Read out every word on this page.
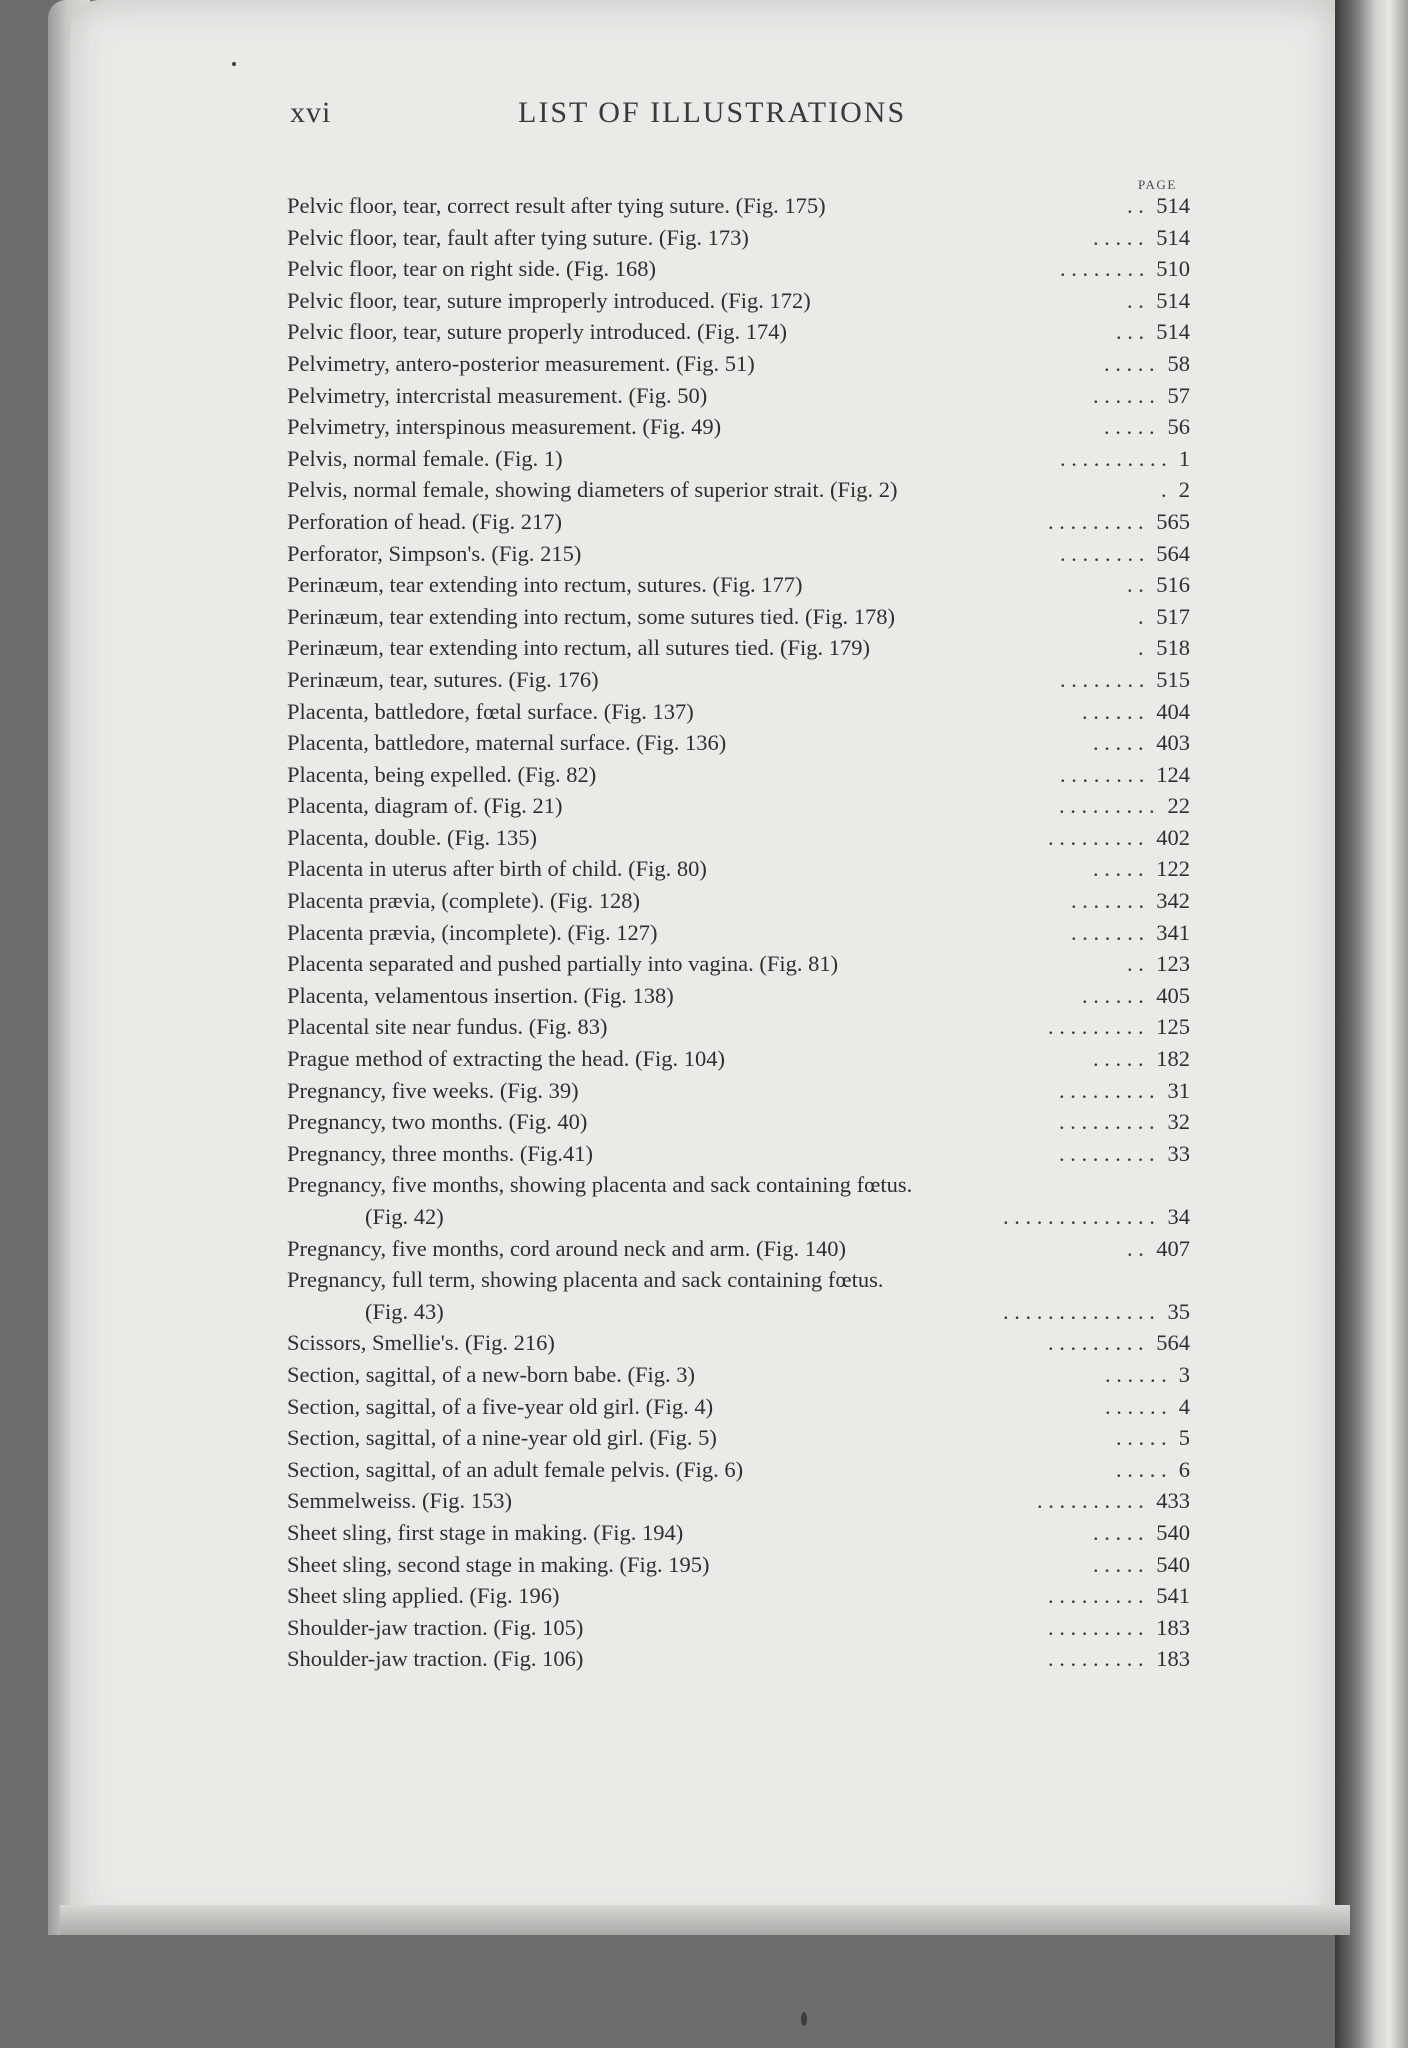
xvi	LIST OF ILLUSTRATIONS
PAGE
Pelvic floor, tear, correct result after tying suture. (Fig. 175)	. . 514
Pelvic floor, tear, fault after tying suture. (Fig. 173)	. . . . . 514
Pelvic floor, tear on right side. (Fig. 168)	. . . . . . . . 510
Pelvic floor, tear, suture improperly introduced. (Fig. 172)	. . 514
Pelvic floor, tear, suture properly introduced. (Fig. 174)	. . . 514
Pelvimetry, antero-posterior measurement. (Fig. 51)	. . . . . 58
Pelvimetry, intercristal measurement. (Fig. 50)	. . . . . . 57
Pelvimetry, interspinous measurement. (Fig. 49)	. . . . . 56
Pelvis, normal female. (Fig. 1)	. . . . . . . . . . 1
Pelvis, normal female, showing diameters of superior strait. (Fig. 2)	. 2
Perforation of head. (Fig. 217)	. . . . . . . . . 565
Perforator, Simpson's. (Fig. 215)	. . . . . . . . 564
Perinæum, tear extending into rectum, sutures. (Fig. 177)	. . 516
Perinæum, tear extending into rectum, some sutures tied. (Fig. 178)	. 517
Perinæum, tear extending into rectum, all sutures tied. (Fig. 179)	. 518
Perinæum, tear, sutures. (Fig. 176)	. . . . . . . . 515
Placenta, battledore, fœtal surface. (Fig. 137)	. . . . . . 404
Placenta, battledore, maternal surface. (Fig. 136)	. . . . . 403
Placenta, being expelled. (Fig. 82)	. . . . . . . . 124
Placenta, diagram of. (Fig. 21)	. . . . . . . . . 22
Placenta, double. (Fig. 135)	. . . . . . . . . 402
Placenta in uterus after birth of child. (Fig. 80)	. . . . . 122
Placenta prævia, (complete). (Fig. 128)	. . . . . . . 342
Placenta prævia, (incomplete). (Fig. 127)	. . . . . . . 341
Placenta separated and pushed partially into vagina. (Fig. 81)	. . 123
Placenta, velamentous insertion. (Fig. 138)	. . . . . . 405
Placental site near fundus. (Fig. 83)	. . . . . . . . . 125
Prague method of extracting the head. (Fig. 104)	. . . . . 182
Pregnancy, five weeks. (Fig. 39)	. . . . . . . . . 31
Pregnancy, two months. (Fig. 40)	. . . . . . . . . 32
Pregnancy, three months. (Fig.41)	. . . . . . . . . 33
Pregnancy, five months, showing placenta and sack containing fœtus.
(Fig. 42)	. . . . . . . . . . . . . . 34
Pregnancy, five months, cord around neck and arm. (Fig. 140)	. . 407
Pregnancy, full term, showing placenta and sack containing fœtus.
(Fig. 43)	. . . . . . . . . . . . . . 35
Scissors, Smellie's. (Fig. 216)	. . . . . . . . . 564
Section, sagittal, of a new-born babe. (Fig. 3)	. . . . . . 3
Section, sagittal, of a five-year old girl. (Fig. 4)	. . . . . . 4
Section, sagittal, of a nine-year old girl. (Fig. 5)	. . . . . 5
Section, sagittal, of an adult female pelvis. (Fig. 6)	. . . . . 6
Semmelweiss. (Fig. 153)	. . . . . . . . . . 433
Sheet sling, first stage in making. (Fig. 194)	. . . . . 540
Sheet sling, second stage in making. (Fig. 195)	. . . . . 540
Sheet sling applied. (Fig. 196)	. . . . . . . . . 541
Shoulder-jaw traction. (Fig. 105)	. . . . . . . . . 183
Shoulder-jaw traction. (Fig. 106)	. . . . . . . . . 183
